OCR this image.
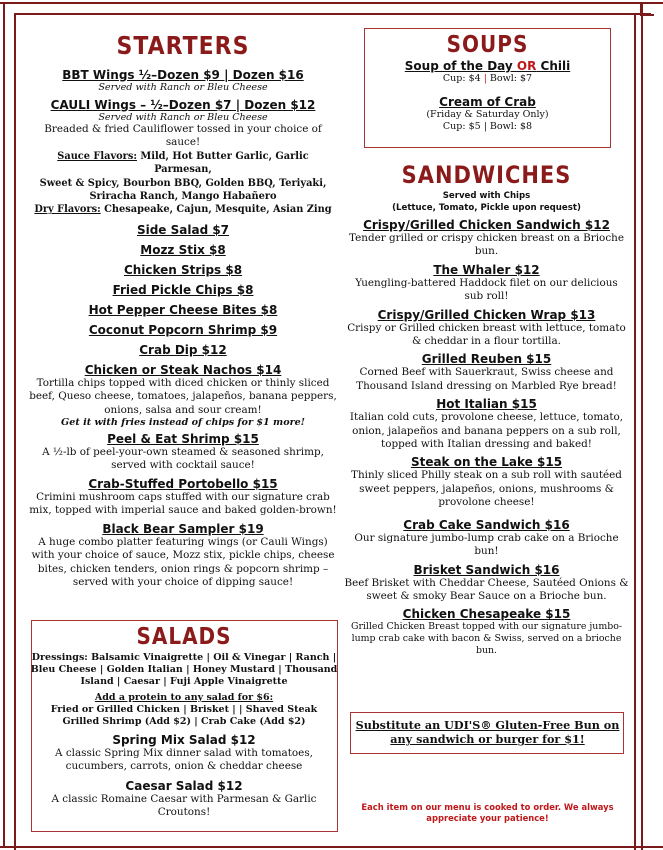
STARTERS

BBT Wings ½–Dozen $9 | Dozen $16

Served with Ranch or Bleu Cheese

CAULI Wings – ½–Dozen $7 | Dozen $12

Served with Ranch or Bleu Cheese

Breaded & fried Cauliflower tossed in your choice of

sauce!

Sauce Flavors: Mild, Hot Butter Garlic, Garlic Parmesan,

Sweet & Spicy, Bourbon BBQ, Golden BBQ, Teriyaki,

Sriracha Ranch, Mango Habañero

Dry Flavors: Chesapeake, Cajun, Mesquite, Asian Zing

Side Salad $7

Mozz Stix $8

Chicken Strips $8

Fried Pickle Chips $8

Hot Pepper Cheese Bites $8

Coconut Popcorn Shrimp $9

Crab Dip $12

Chicken or Steak Nachos $14

Tortilla chips topped with diced chicken or thinly sliced

beef, Queso cheese, tomatoes, jalapeños, banana peppers,

onions, salsa and sour cream!

Get it with fries instead of chips for $1 more!

Peel & Eat Shrimp $15

A ½-lb of peel-your-own steamed & seasoned shrimp,

served with cocktail sauce!

Crab-Stuffed Portobello $15

Crimini mushroom caps stuffed with our signature crab

mix, topped with imperial sauce and baked golden-brown!

Black Bear Sampler $19

A huge combo platter featuring wings (or Cauli Wings)

with your choice of sauce, Mozz stix, pickle chips, cheese

bites, chicken tenders, onion rings & popcorn shrimp –

served with your choice of dipping sauce!

SALADS

Dressings: Balsamic Vinaigrette | Oil & Vinegar | Ranch |

Bleu Cheese | Golden Italian | Honey Mustard | Thousand

Island | Caesar | Fuji Apple Vinaigrette

Add a protein to any salad for $6:

Fried or Grilled Chicken | Brisket | | Shaved Steak

Grilled Shrimp (Add $2) | Crab Cake (Add $2)

Spring Mix Salad $12

A classic Spring Mix dinner salad with tomatoes,

cucumbers, carrots, onion & cheddar cheese

Caesar Salad $12

A classic Romaine Caesar with Parmesan & Garlic

Croutons!

SOUPS

Soup of the Day OR Chili

Cup: $4 | Bowl: $7

Cream of Crab

(Friday & Saturday Only)

Cup: $5 | Bowl: $8

SANDWICHES

Served with Chips

(Lettuce, Tomato, Pickle upon request)

Crispy/Grilled Chicken Sandwich $12

Tender grilled or crispy chicken breast on a Brioche

bun.

The Whaler $12

Yuengling-battered Haddock filet on our delicious

sub roll!

Crispy/Grilled Chicken Wrap $13

Crispy or Grilled chicken breast with lettuce, tomato

& cheddar in a flour tortilla.

Grilled Reuben $15

Corned Beef with Sauerkraut, Swiss cheese and

Thousand Island dressing on Marbled Rye bread!

Hot Italian $15

Italian cold cuts, provolone cheese, lettuce, tomato,

onion, jalapeños and banana peppers on a sub roll,

topped with Italian dressing and baked!

Steak on the Lake $15

Thinly sliced Philly steak on a sub roll with sautéed

sweet peppers, jalapeños, onions, mushrooms &

provolone cheese!

Crab Cake Sandwich $16

Our signature jumbo-lump crab cake on a Brioche

bun!

Brisket Sandwich $16

Beef Brisket with Cheddar Cheese, Sautéed Onions &

sweet & smoky Bear Sauce on a Brioche bun.

Chicken Chesapeake $15

Grilled Chicken Breast topped with our signature jumbo-

lump crab cake with bacon & Swiss, served on a brioche

bun.

Substitute an UDI'S® Gluten-Free Bun on

any sandwich or burger for $1!

Each item on our menu is cooked to order. We always

appreciate your patience!
